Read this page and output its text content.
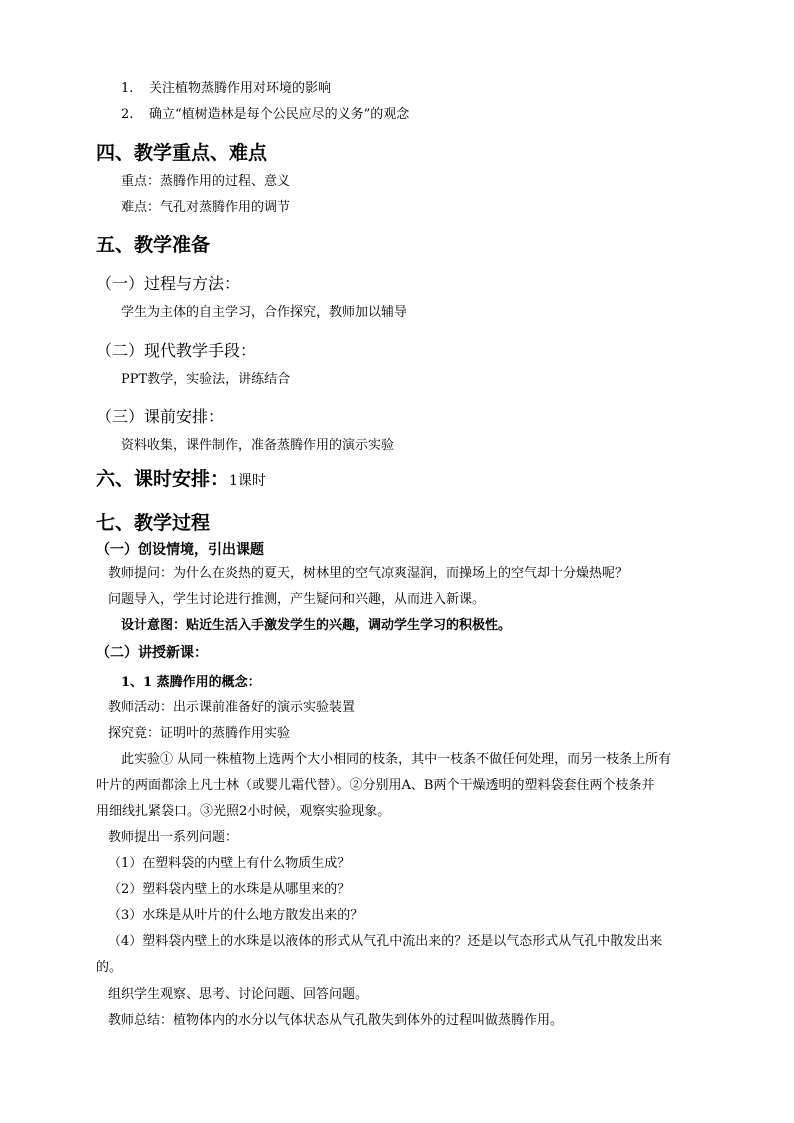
1. 关注植物蒸腾作用对环境的影响
2. 确立“植树造林是每个公民应尽的义务”的观念
四、教学重点、难点
重点：蒸腾作用的过程、意义
难点：气孔对蒸腾作用的调节
五、教学准备
（一）过程与方法：
学生为主体的自主学习，合作探究，教师加以辅导
（二）现代教学手段：
PPT教学，实验法，讲练结合
（三）课前安排：
资料收集，课件制作，准备蒸腾作用的演示实验
六、课时安排：1课时
七、教学过程
（一）创设情境，引出课题
教师提问：为什么在炎热的夏天，树林里的空气凉爽湿润，而操场上的空气却十分燥热呢？
问题导入，学生讨论进行推测，产生疑问和兴趣，从而进入新课。
设计意图：贴近生活入手激发学生的兴趣，调动学生学习的积极性。
（二）讲授新课：
1、1 蒸腾作用的概念：
教师活动：出示课前准备好的演示实验装置
探究竟：证明叶的蒸腾作用实验
此实验① 从同一株植物上选两个大小相同的枝条，其中一枝条不做任何处理，而另一枝条上所有
叶片的两面都涂上凡士林（或婴儿霜代替）。②分别用A、B两个干燥透明的塑料袋套住两个枝条并
用细线扎紧袋口。③光照2小时候，观察实验现象。
教师提出一系列问题：
（1）在塑料袋的内壁上有什么物质生成？
（2）塑料袋内壁上的水珠是从哪里来的？
（3）水珠是从叶片的什么地方散发出来的？
（4）塑料袋内壁上的水珠是以液体的形式从气孔中流出来的？还是以气态形式从气孔中散发出来
的。
组织学生观察、思考、讨论问题、回答问题。
教师总结：植物体内的水分以气体状态从气孔散失到体外的过程叫做蒸腾作用。
